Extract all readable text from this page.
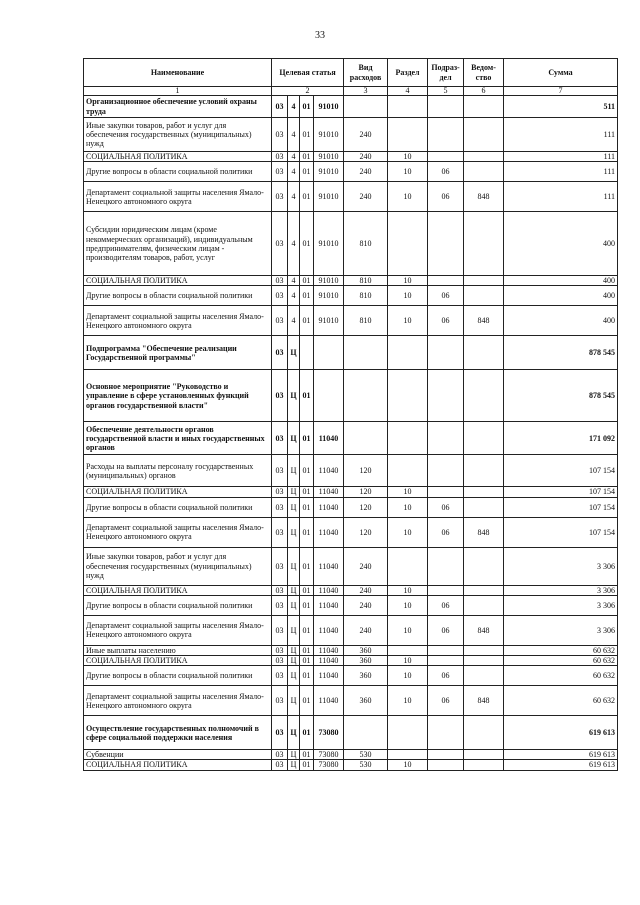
33
Наименование	Целевая статья				Вид расходов	Раздел	Подраз-дел	Ведом-ство	Сумма
1	2				3	4	5	6	7
Организационное обеспечение условий охраны труда	03	4	01	91010					511
Иные закупки товаров, работ и услуг для обеспечения государственных (муниципальных) нужд	03	4	01	91010	240				111
СОЦИАЛЬНАЯ ПОЛИТИКА	03	4	01	91010	240	10			111
Другие вопросы в области социальной политики	03	4	01	91010	240	10	06		111
Департамент социальной защиты населения Ямало-Ненецкого автономного округа	03	4	01	91010	240	10	06	848	111
Субсидии юридическим лицам (кроме некоммерческих организаций), индивидуальным предпринимателям, физическим лицам - производителям товаров, работ, услуг	03	4	01	91010	810				400
СОЦИАЛЬНАЯ ПОЛИТИКА	03	4	01	91010	810	10			400
Другие вопросы в области социальной политики	03	4	01	91010	810	10	06		400
Департамент социальной защиты населения Ямало-Ненецкого автономного округа	03	4	01	91010	810	10	06	848	400
Подпрограмма "Обеспечение реализации Государственной программы"	03	Ц							878 545
Основное мероприятие "Руководство и управление в сфере установленных функций органов государственной власти"	03	Ц	01						878 545
Обеспечение деятельности органов государственной власти и иных государственных органов	03	Ц	01	11040					171 092
Расходы на выплаты персоналу государственных (муниципальных) органов	03	Ц	01	11040	120				107 154
СОЦИАЛЬНАЯ ПОЛИТИКА	03	Ц	01	11040	120	10			107 154
Другие вопросы в области социальной политики	03	Ц	01	11040	120	10	06		107 154
Департамент социальной защиты населения Ямало-Ненецкого автономного округа	03	Ц	01	11040	120	10	06	848	107 154
Иные закупки товаров, работ и услуг для обеспечения государственных (муниципальных) нужд	03	Ц	01	11040	240				3 306
СОЦИАЛЬНАЯ ПОЛИТИКА	03	Ц	01	11040	240	10			3 306
Другие вопросы в области социальной политики	03	Ц	01	11040	240	10	06		3 306
Департамент социальной защиты населения Ямало-Ненецкого автономного округа	03	Ц	01	11040	240	10	06	848	3 306
Иные выплаты населению	03	Ц	01	11040	360				60 632
СОЦИАЛЬНАЯ ПОЛИТИКА	03	Ц	01	11040	360	10			60 632
Другие вопросы в области социальной политики	03	Ц	01	11040	360	10	06		60 632
Департамент социальной защиты населения Ямало-Ненецкого автономного округа	03	Ц	01	11040	360	10	06	848	60 632
Осуществление государственных полномочий в сфере социальной поддержки населения	03	Ц	01	73080					619 613
Субвенции	03	Ц	01	73080	530				619 613
СОЦИАЛЬНАЯ ПОЛИТИКА	03	Ц	01	73080	530	10			619 613
